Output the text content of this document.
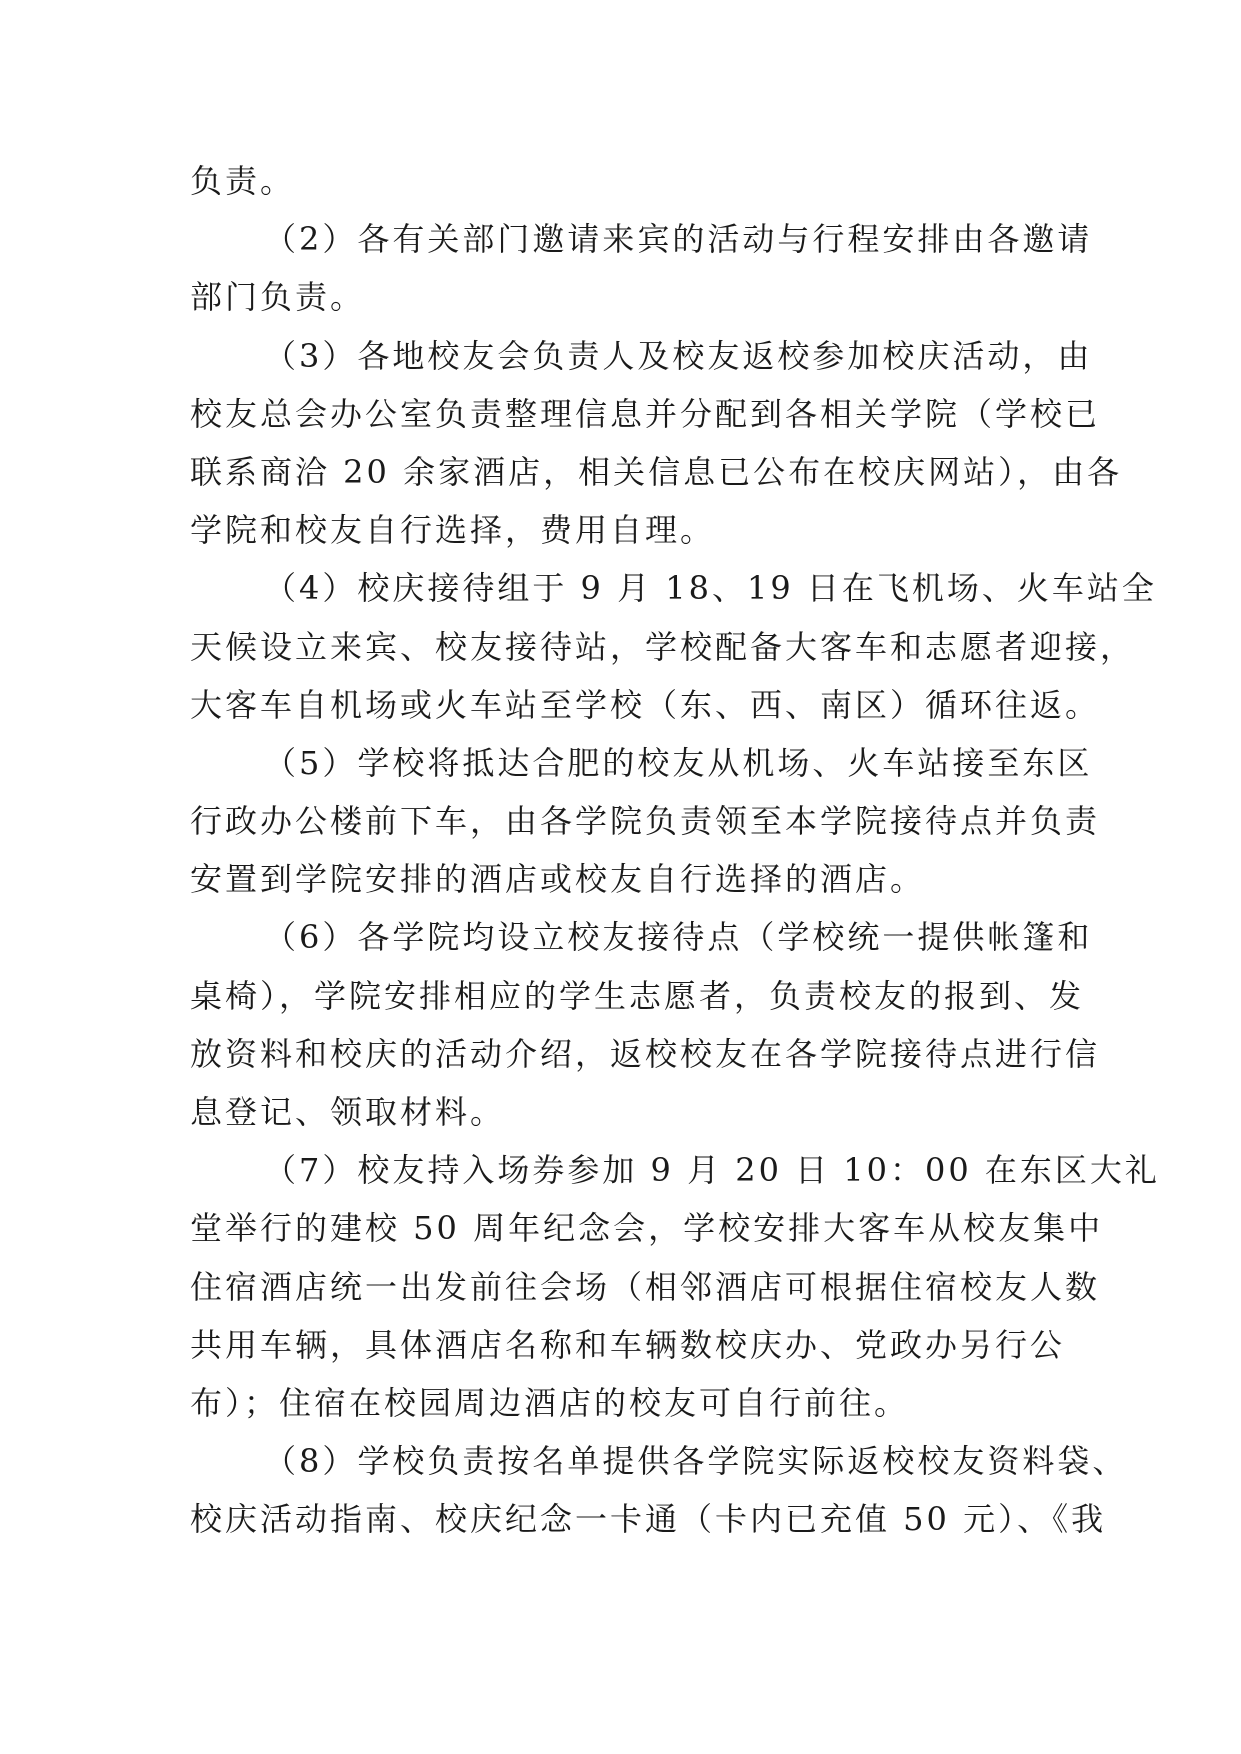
负责。

（2）各有关部门邀请来宾的活动与行程安排由各邀请

部门负责。

（3）各地校友会负责人及校友返校参加校庆活动，由

校友总会办公室负责整理信息并分配到各相关学院（学校已

联系商洽 20 余家酒店，相关信息已公布在校庆网站），由各

学院和校友自行选择，费用自理。

（4）校庆接待组于 9 月 18、19 日在飞机场、火车站全

天候设立来宾、校友接待站，学校配备大客车和志愿者迎接，

大客车自机场或火车站至学校（东、西、南区）循环往返。

（5）学校将抵达合肥的校友从机场、火车站接至东区

行政办公楼前下车，由各学院负责领至本学院接待点并负责

安置到学院安排的酒店或校友自行选择的酒店。

（6）各学院均设立校友接待点（学校统一提供帐篷和

桌椅），学院安排相应的学生志愿者，负责校友的报到、发

放资料和校庆的活动介绍，返校校友在各学院接待点进行信

息登记、领取材料。

（7）校友持入场券参加 9 月 20 日 10：00 在东区大礼

堂举行的建校 50 周年纪念会，学校安排大客车从校友集中

住宿酒店统一出发前往会场（相邻酒店可根据住宿校友人数

共用车辆，具体酒店名称和车辆数校庆办、党政办另行公

布）；住宿在校园周边酒店的校友可自行前往。

（8）学校负责按名单提供各学院实际返校校友资料袋、

校庆活动指南、校庆纪念一卡通（卡内已充值 50 元）、《我
